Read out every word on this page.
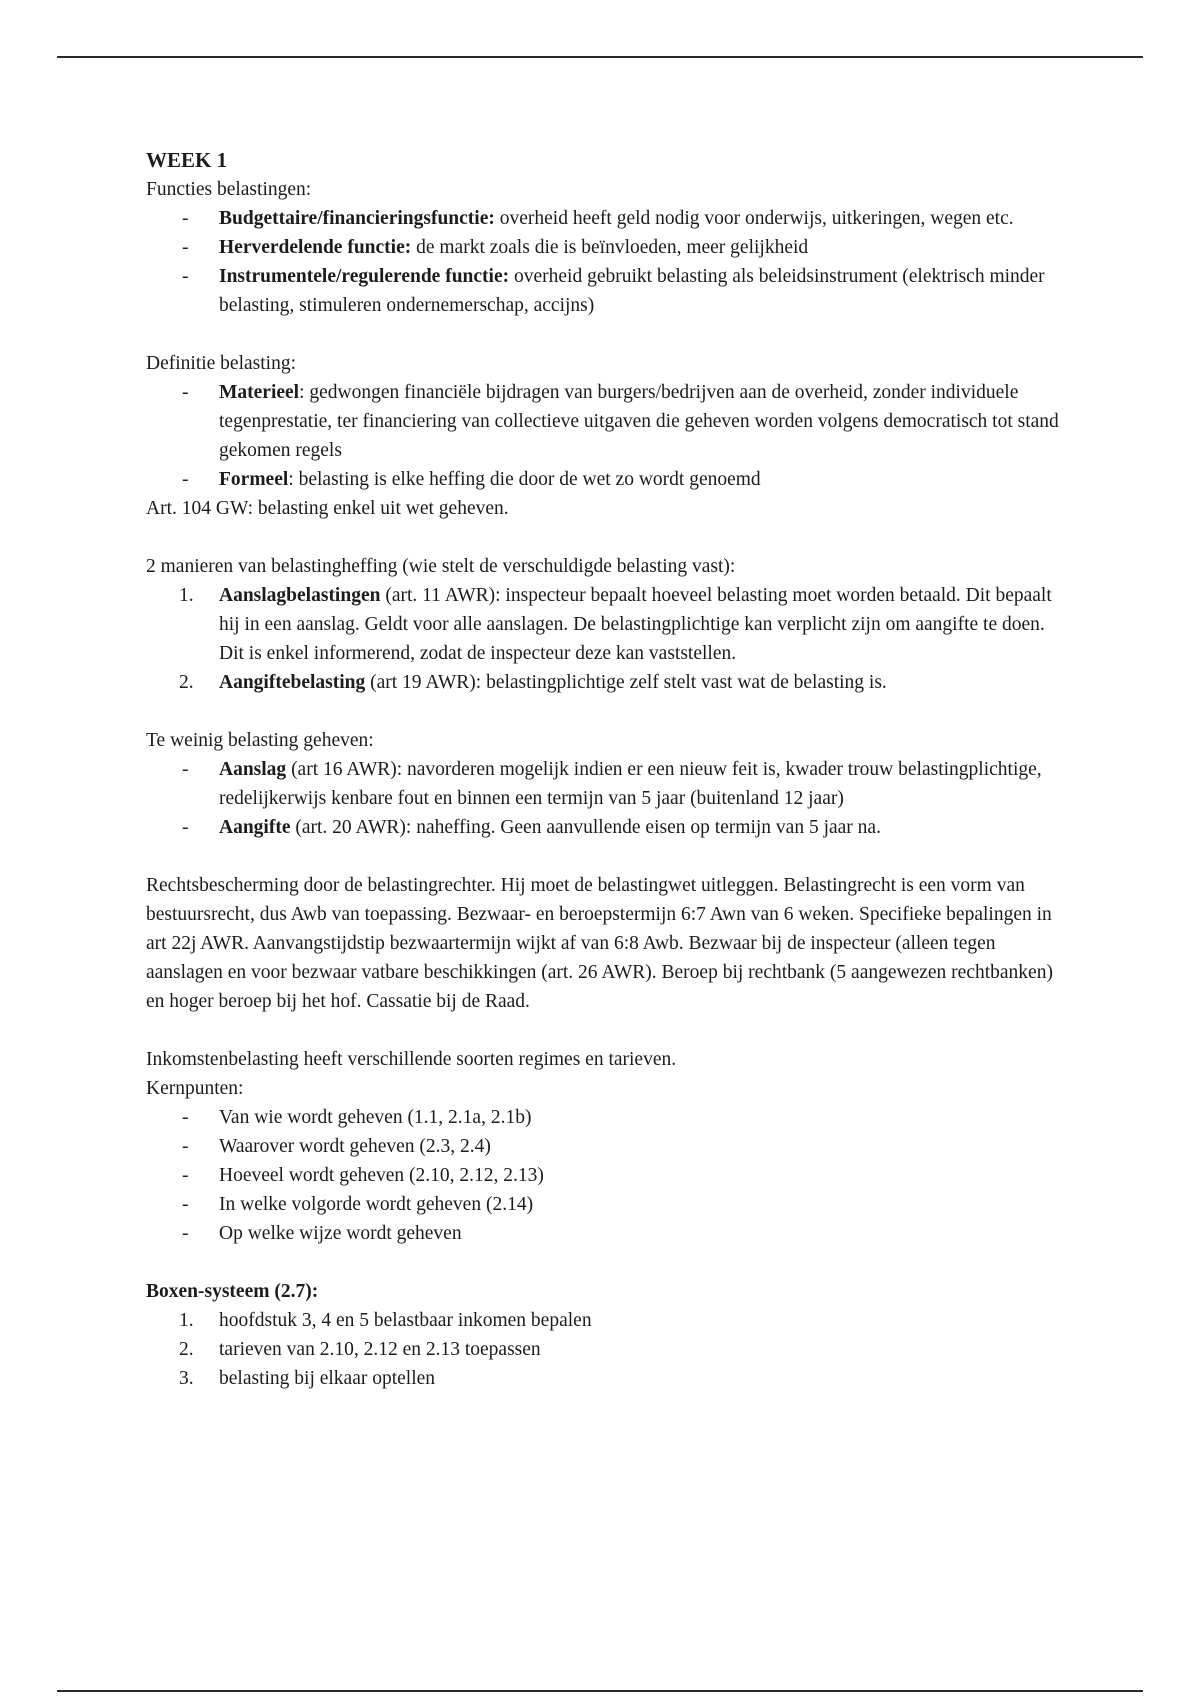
WEEK 1

Functies belastingen:

- Budgettaire/financieringsfunctie: overheid heeft geld nodig voor onderwijs, uitkeringen, wegen etc.
- Herverdelende functie: de markt zoals die is beïnvloeden, meer gelijkheid
- Instrumentele/regulerende functie: overheid gebruikt belasting als beleidsinstrument (elektrisch minder belasting, stimuleren ondernemerschap, accijns)

Definitie belasting:

- Materieel: gedwongen financiële bijdragen van burgers/bedrijven aan de overheid, zonder individuele tegenprestatie, ter financiering van collectieve uitgaven die geheven worden volgens democratisch tot stand gekomen regels
- Formeel: belasting is elke heffing die door de wet zo wordt genoemd

Art. 104 GW: belasting enkel uit wet geheven.

2 manieren van belastingheffing (wie stelt de verschuldigde belasting vast):

1. Aanslagbelastingen (art. 11 AWR): inspecteur bepaalt hoeveel belasting moet worden betaald. Dit bepaalt hij in een aanslag. Geldt voor alle aanslagen. De belastingplichtige kan verplicht zijn om aangifte te doen. Dit is enkel informerend, zodat de inspecteur deze kan vaststellen.
2. Aangiftebelasting (art 19 AWR): belastingplichtige zelf stelt vast wat de belasting is.

Te weinig belasting geheven:

- Aanslag (art 16 AWR): navorderen mogelijk indien er een nieuw feit is, kwader trouw belastingplichtige, redelijkerwijs kenbare fout en binnen een termijn van 5 jaar (buitenland 12 jaar)
- Aangifte (art. 20 AWR): naheffing. Geen aanvullende eisen op termijn van 5 jaar na.

Rechtsbescherming door de belastingrechter. Hij moet de belastingwet uitleggen. Belastingrecht is een vorm van bestuursrecht, dus Awb van toepassing. Bezwaar- en beroepstermijn 6:7 Awn van 6 weken. Specifieke bepalingen in art 22j AWR. Aanvangstijdstip bezwaartermijn wijkt af van 6:8 Awb. Bezwaar bij de inspecteur (alleen tegen aanslagen en voor bezwaar vatbare beschikkingen (art. 26 AWR). Beroep bij rechtbank (5 aangewezen rechtbanken) en hoger beroep bij het hof. Cassatie bij de Raad.

Inkomstenbelasting heeft verschillende soorten regimes en tarieven.

Kernpunten:

- Van wie wordt geheven (1.1, 2.1a, 2.1b)
- Waarover wordt geheven (2.3, 2.4)
- Hoeveel wordt geheven (2.10, 2.12, 2.13)
- In welke volgorde wordt geheven (2.14)
- Op welke wijze wordt geheven

Boxen-systeem (2.7):

1. hoofdstuk 3, 4 en 5 belastbaar inkomen bepalen
2. tarieven van 2.10, 2.12 en 2.13 toepassen
3. belasting bij elkaar optellen
